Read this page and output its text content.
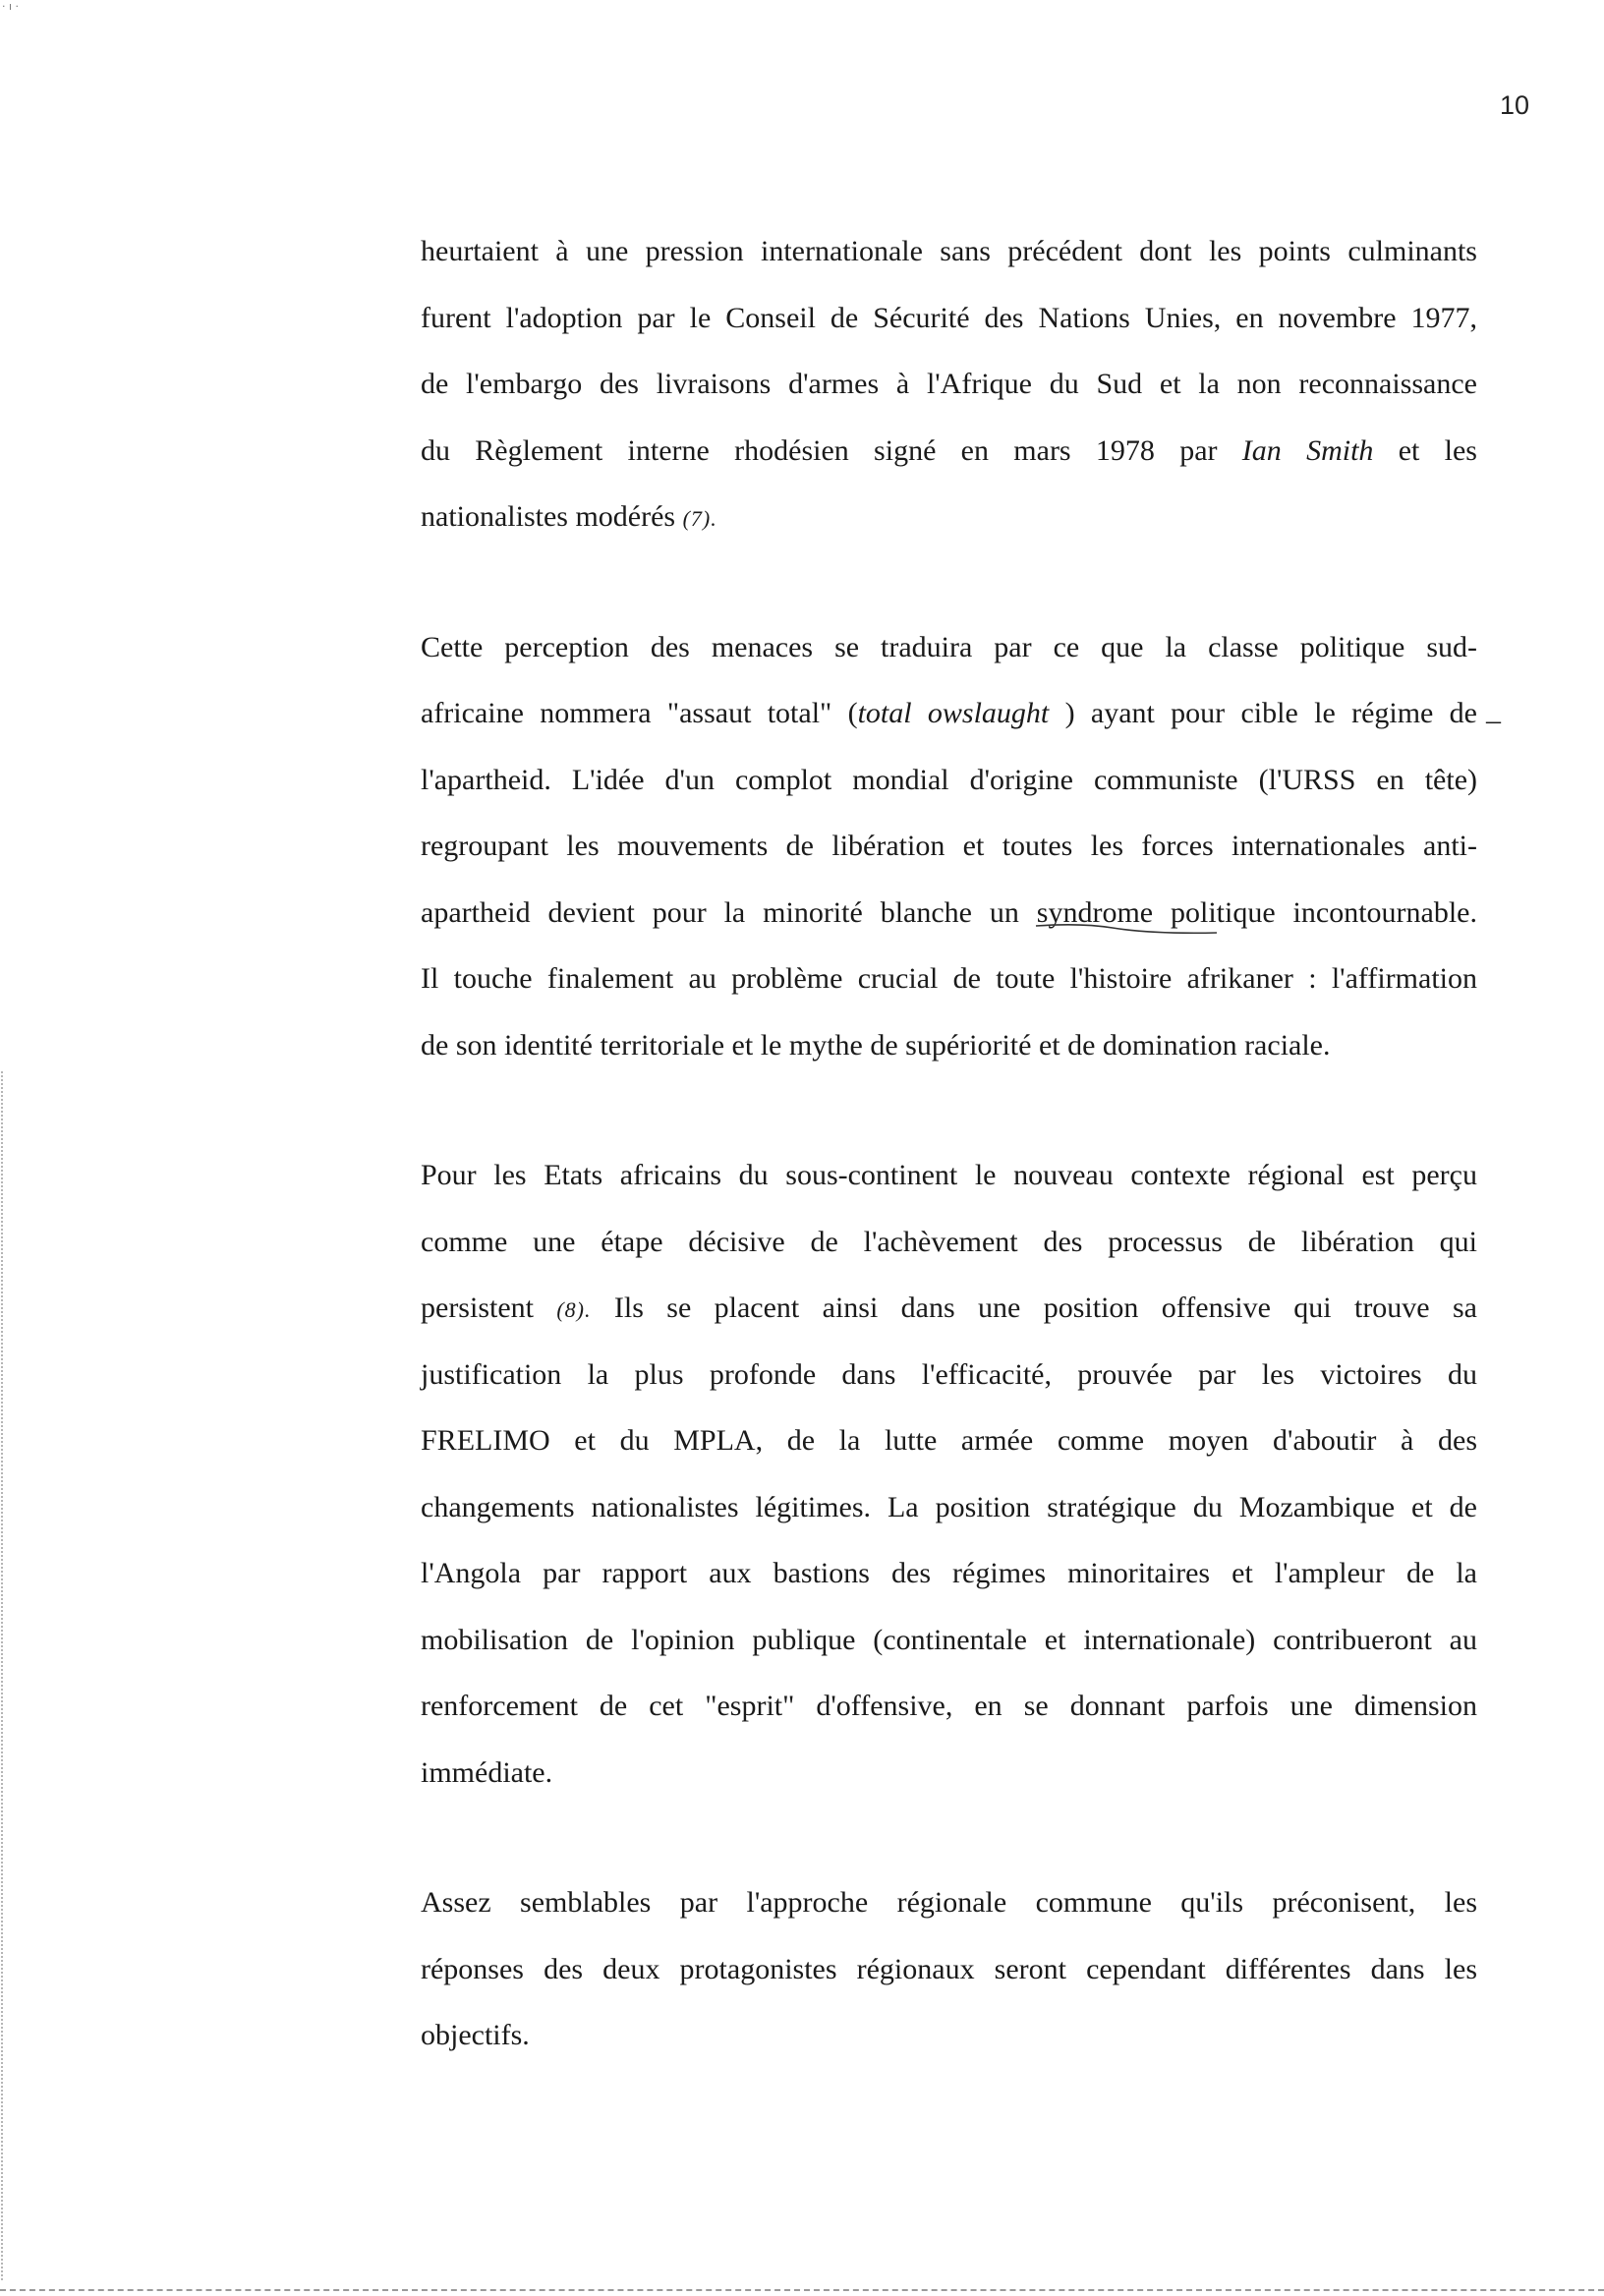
· ı ·
10
heurtaient à une pression internationale sans précédent dont les points culminants
furent l'adoption par le Conseil de Sécurité des Nations Unies, en novembre 1977,
de l'embargo des livraisons d'armes à l'Afrique du Sud et la non reconnaissance
du Règlement interne rhodésien signé en mars 1978 par Ian Smith et les
nationalistes modérés (7).
Cette perception des menaces se traduira par ce que la classe politique sud-
africaine nommera "assaut total" (total owslaught ) ayant pour cible le régime de
l'apartheid. L'idée d'un complot mondial d'origine communiste (l'URSS en tête)
regroupant les mouvements de libération et toutes les forces internationales anti-
apartheid devient pour la minorité blanche un syndrome politique incontournable.
Il touche finalement au problème crucial de toute l'histoire afrikaner : l'affirmation
de son identité territoriale et le mythe de supériorité et de domination raciale.
Pour les Etats africains du sous-continent le nouveau contexte régional est perçu
comme une étape décisive de l'achèvement des processus de libération qui
persistent (8). Ils se placent ainsi dans une position offensive qui trouve sa
justification la plus profonde dans l'efficacité, prouvée par les victoires du
FRELIMO et du MPLA, de la lutte armée comme moyen d'aboutir à des
changements nationalistes légitimes. La position stratégique du Mozambique et de
l'Angola par rapport aux bastions des régimes minoritaires et l'ampleur de la
mobilisation de l'opinion publique (continentale et internationale) contribueront au
renforcement de cet "esprit" d'offensive, en se donnant parfois une dimension
immédiate.
Assez semblables par l'approche régionale commune qu'ils préconisent, les
réponses des deux protagonistes régionaux seront cependant différentes dans les
objectifs.
–
